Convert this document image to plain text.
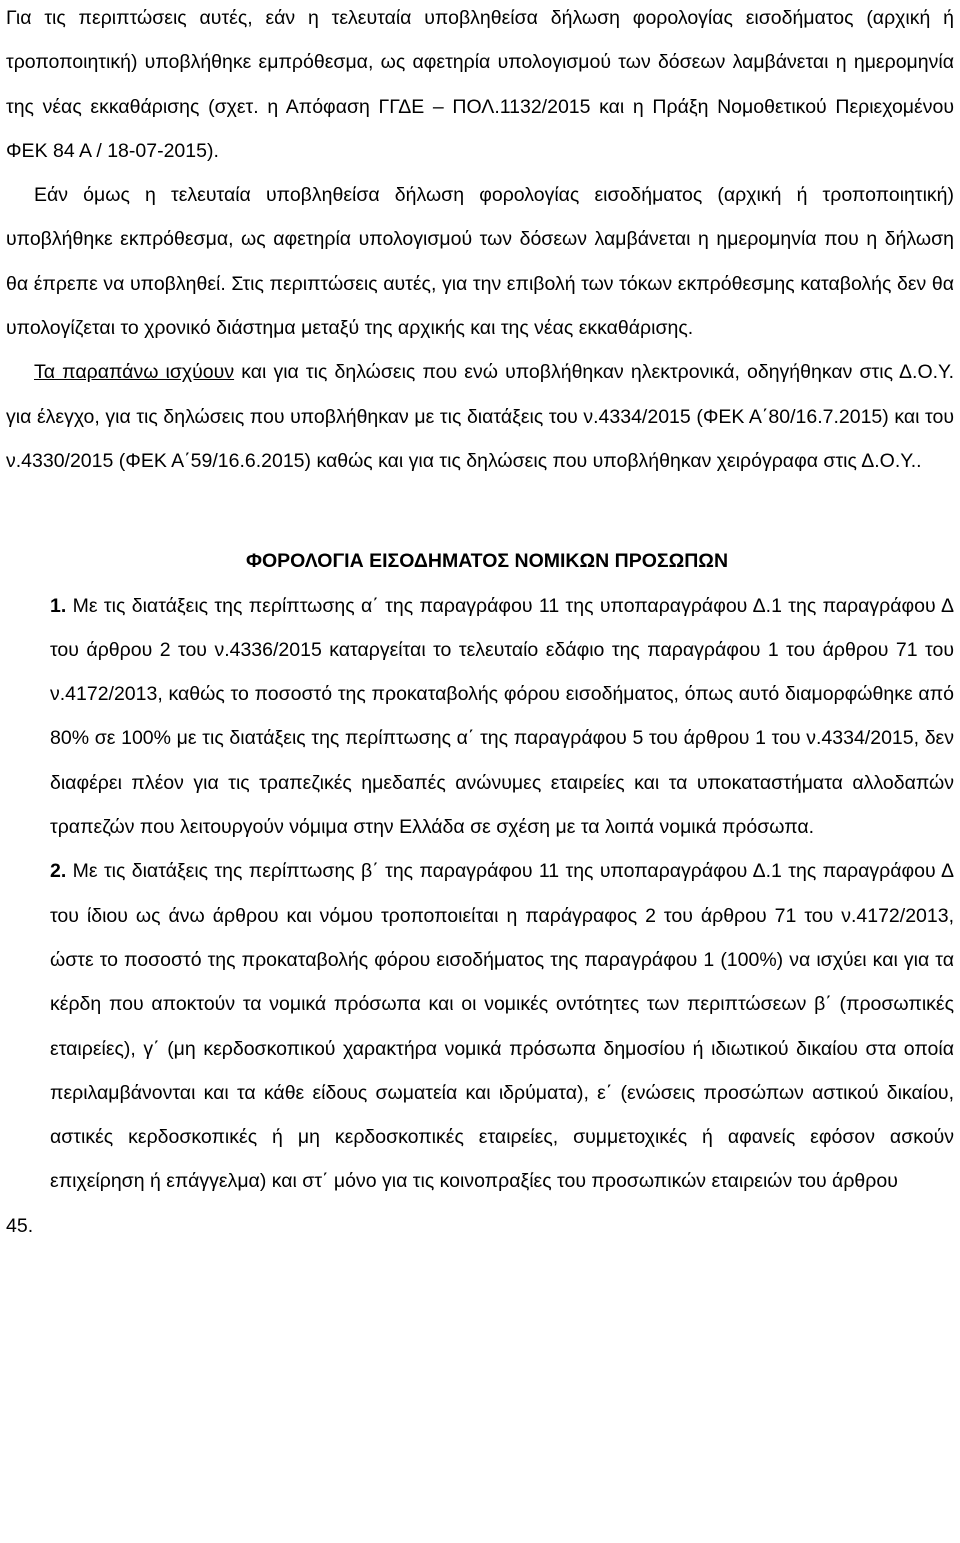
Για τις περιπτώσεις αυτές, εάν η τελευταία υποβληθείσα δήλωση φορολογίας εισοδήματος (αρχική ή τροποποιητική) υποβλήθηκε εμπρόθεσμα, ως αφετηρία υπολογισμού των δόσεων λαμβάνεται η ημερομηνία της νέας εκκαθάρισης (σχετ. η Απόφαση ΓΓΔΕ – ΠΟΛ.1132/2015 και η Πράξη Νομοθετικού Περιεχομένου ΦΕΚ 84 Α / 18-07-2015).

Εάν όμως η τελευταία υποβληθείσα δήλωση φορολογίας εισοδήματος (αρχική ή τροποποιητική) υποβλήθηκε εκπρόθεσμα, ως αφετηρία υπολογισμού των δόσεων λαμβάνεται η ημερομηνία που η δήλωση θα έπρεπε να υποβληθεί. Στις περιπτώσεις αυτές, για την επιβολή των τόκων εκπρόθεσμης καταβολής δεν θα υπολογίζεται το χρονικό διάστημα μεταξύ της αρχικής και της νέας εκκαθάρισης.

Τα παραπάνω ισχύουν και για τις δηλώσεις που ενώ υποβλήθηκαν ηλεκτρονικά, οδηγήθηκαν στις Δ.Ο.Υ. για έλεγχο, για τις δηλώσεις που υποβλήθηκαν με τις διατάξεις του ν.4334/2015 (ΦΕΚ Α΄80/16.7.2015) και του ν.4330/2015 (ΦΕΚ Α΄59/16.6.2015) καθώς και για τις δηλώσεις που υποβλήθηκαν χειρόγραφα στις Δ.Ο.Υ..

ΦΟΡΟΛΟΓΙΑ ΕΙΣΟΔΗΜΑΤΟΣ ΝΟΜΙΚΩΝ ΠΡΟΣΩΠΩΝ

1. Με τις διατάξεις της περίπτωσης α΄ της παραγράφου 11 της υποπαραγράφου Δ.1 της παραγράφου Δ του άρθρου 2 του ν.4336/2015 καταργείται το τελευταίο εδάφιο της παραγράφου 1 του άρθρου 71 του ν.4172/2013, καθώς το ποσοστό της προκαταβολής φόρου εισοδήματος, όπως αυτό διαμορφώθηκε από 80% σε 100% με τις διατάξεις της περίπτωσης α΄ της παραγράφου 5 του άρθρου 1 του ν.4334/2015, δεν διαφέρει πλέον για τις τραπεζικές ημεδαπές ανώνυμες εταιρείες και τα υποκαταστήματα αλλοδαπών τραπεζών που λειτουργούν νόμιμα στην Ελλάδα σε σχέση με τα λοιπά νομικά πρόσωπα.

2. Με τις διατάξεις της περίπτωσης β΄ της παραγράφου 11 της υποπαραγράφου Δ.1 της παραγράφου Δ του ίδιου ως άνω άρθρου και νόμου τροποποιείται η παράγραφος 2 του άρθρου 71 του ν.4172/2013, ώστε το ποσοστό της προκαταβολής φόρου εισοδήματος της παραγράφου 1 (100%) να ισχύει και για τα κέρδη που αποκτούν τα νομικά πρόσωπα και οι νομικές οντότητες των περιπτώσεων β΄ (προσωπικές εταιρείες), γ΄ (μη κερδοσκοπικού χαρακτήρα νομικά πρόσωπα δημοσίου ή ιδιωτικού δικαίου στα οποία περιλαμβάνονται και τα κάθε είδους σωματεία και ιδρύματα), ε΄ (ενώσεις προσώπων αστικού δικαίου, αστικές κερδοσκοπικές ή μη κερδοσκοπικές εταιρείες, συμμετοχικές ή αφανείς εφόσον ασκούν επιχείρηση ή επάγγελμα) και στ΄ μόνο για τις κοινοπραξίες του προσωπικών εταιρειών του άρθρου

45.
